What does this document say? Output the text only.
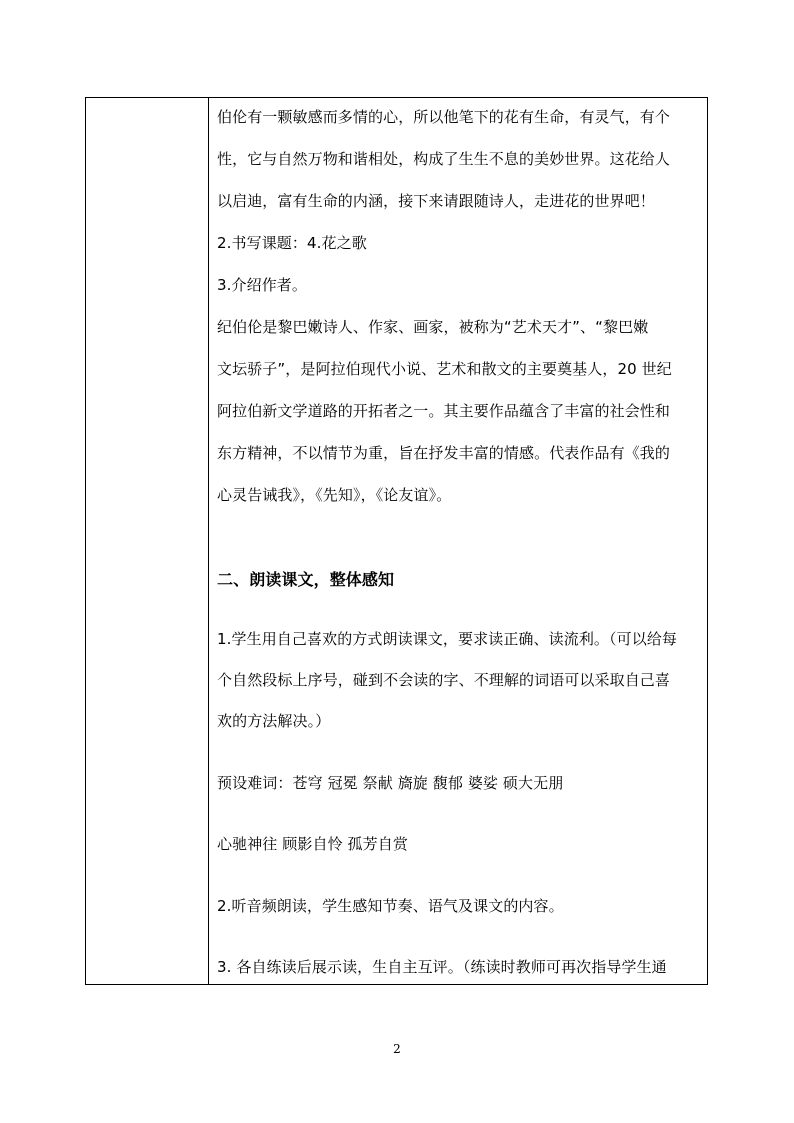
伯伦有一颗敏感而多情的心，所以他笔下的花有生命，有灵气，有个
性，它与自然万物和谐相处，构成了生生不息的美妙世界。这花给人
以启迪，富有生命的内涵，接下来请跟随诗人，走进花的世界吧！
2.书写课题：4.花之歌
3.介绍作者。
纪伯伦是黎巴嫩诗人、作家、画家，被称为“艺术天才”、“黎巴嫩
文坛骄子”，是阿拉伯现代小说、艺术和散文的主要奠基人，20 世纪
阿拉伯新文学道路的开拓者之一。其主要作品蕴含了丰富的社会性和
东方精神，不以情节为重，旨在抒发丰富的情感。代表作品有《我的
心灵告诫我》，《先知》，《论友谊》。
二、朗读课文，整体感知
1.学生用自己喜欢的方式朗读课文，要求读正确、读流利。（可以给每
个自然段标上序号，碰到不会读的字、不理解的词语可以采取自己喜
欢的方法解决。）
预设难词：苍穹 冠冕 祭献 旖旋 馥郁 婆娑 硕大无朋
心驰神往 顾影自怜 孤芳自赏
2.听音频朗读，学生感知节奏、语气及课文的内容。
3. 各自练读后展示读，生自主互评。（练读时教师可再次指导学生通
2
